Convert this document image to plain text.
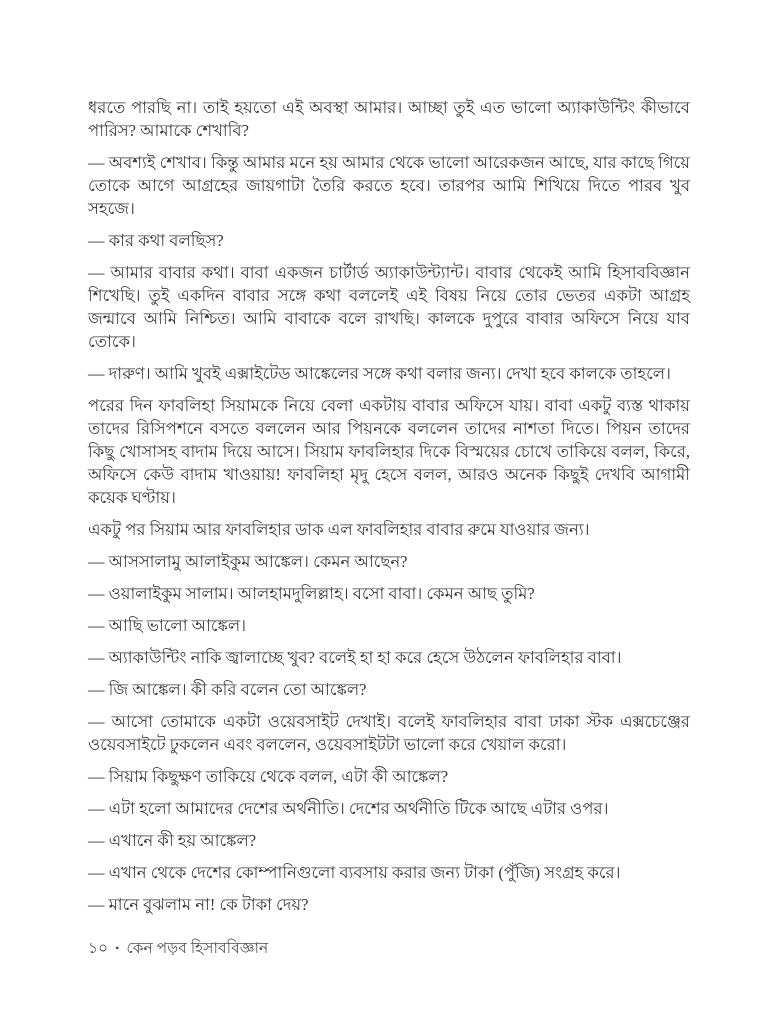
ধরতে পারছি না। তাই হয়তো এই অবস্থা আমার। আচ্ছা তুই এত ভালো অ্যাকাউন্টিং কীভাবে পারিস? আমাকে শেখাবি?

— অবশ্যই শেখাব। কিন্তু আমার মনে হয় আমার থেকে ভালো আরেকজন আছে, যার কাছে গিয়ে তোকে আগে আগ্রহের জায়গাটা তৈরি করতে হবে। তারপর আমি শিখিয়ে দিতে পারব খুব সহজে।

— কার কথা বলছিস?

— আমার বাবার কথা। বাবা একজন চার্টার্ড অ্যাকাউন্ট্যান্ট। বাবার থেকেই আমি হিসাববিজ্ঞান শিখেছি। তুই একদিন বাবার সঙ্গে কথা বললেই এই বিষয় নিয়ে তোর ভেতর একটা আগ্রহ জন্মাবে আমি নিশ্চিত। আমি বাবাকে বলে রাখছি। কালকে দুপুরে বাবার অফিসে নিয়ে যাব তোকে।

— দারুণ। আমি খুবই এক্সাইটেড আঙ্কেলের সঙ্গে কথা বলার জন্য। দেখা হবে কালকে তাহলে।

পরের দিন ফাবলিহা সিয়ামকে নিয়ে বেলা একটায় বাবার অফিসে যায়। বাবা একটু ব্যস্ত থাকায় তাদের রিসিপশনে বসতে বললেন আর পিয়নকে বললেন তাদের নাশতা দিতে। পিয়ন তাদের কিছু খোসাসহ বাদাম দিয়ে আসে। সিয়াম ফাবলিহার দিকে বিস্ময়ের চোখে তাকিয়ে বলল, কিরে, অফিসে কেউ বাদাম খাওয়ায়! ফাবলিহা মৃদু হেসে বলল, আরও অনেক কিছুই দেখবি আগামী কয়েক ঘণ্টায়।

একটু পর সিয়াম আর ফাবলিহার ডাক এল ফাবলিহার বাবার রুমে যাওয়ার জন্য।

— আসসালামু আলাইকুম আঙ্কেল। কেমন আছেন?

— ওয়ালাইকুম সালাম। আলহামদুলিল্লাহ। বসো বাবা। কেমন আছ তুমি?

— আছি ভালো আঙ্কেল।

— অ্যাকাউন্টিং নাকি জ্বালাচ্ছে খুব? বলেই হা হা করে হেসে উঠলেন ফাবলিহার বাবা।

— জি আঙ্কেল। কী করি বলেন তো আঙ্কেল?

— আসো তোমাকে একটা ওয়েবসাইট দেখাই। বলেই ফাবলিহার বাবা ঢাকা স্টক এক্সচেঞ্জের ওয়েবসাইটে ঢুকলেন এবং বললেন, ওয়েবসাইটটা ভালো করে খেয়াল করো।

— সিয়াম কিছুক্ষণ তাকিয়ে থেকে বলল, এটা কী আঙ্কেল?

— এটা হলো আমাদের দেশের অর্থনীতি। দেশের অর্থনীতি টিকে আছে এটার ওপর।

— এখানে কী হয় আঙ্কেল?

— এখান থেকে দেশের কোম্পানিগুলো ব্যবসায় করার জন্য টাকা (পুঁজি) সংগ্রহ করে।

— মানে বুঝলাম না! কে টাকা দেয়?

১০ • কেন পড়ব হিসাববিজ্ঞান
